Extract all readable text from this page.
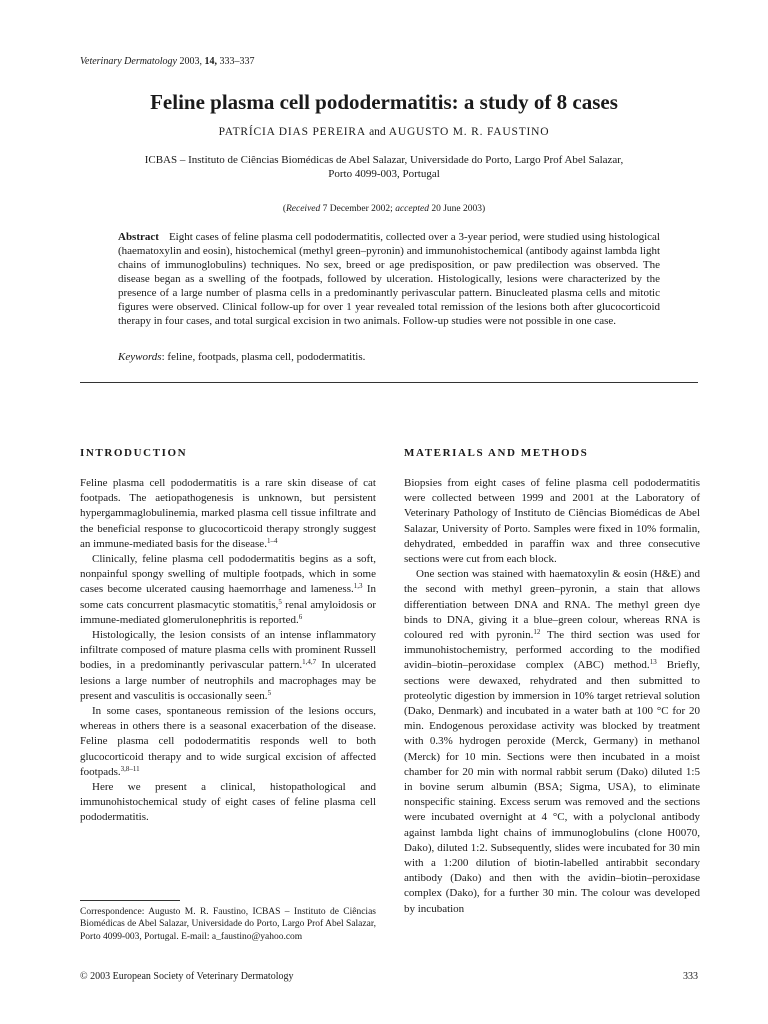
Veterinary Dermatology 2003, 14, 333–337
Feline plasma cell pododermatitis: a study of 8 cases
PATRÍCIA DIAS PEREIRA and AUGUSTO M. R. FAUSTINO
ICBAS – Instituto de Ciências Biomédicas de Abel Salazar, Universidade do Porto, Largo Prof Abel Salazar,
Porto 4099-003, Portugal
(Received 7 December 2002; accepted 20 June 2003)
Abstract Eight cases of feline plasma cell pododermatitis, collected over a 3-year period, were studied using histological (haematoxylin and eosin), histochemical (methyl green–pyronin) and immunohistochemical (antibody against lambda light chains of immunoglobulins) techniques. No sex, breed or age predisposition, or paw predilection was observed. The disease began as a swelling of the footpads, followed by ulceration. Histologically, lesions were characterized by the presence of a large number of plasma cells in a predominantly perivascular pattern. Binucleated plasma cells and mitotic figures were observed. Clinical follow-up for over 1 year revealed total remission of the lesions both after glucocorticoid therapy in four cases, and total surgical excision in two animals. Follow-up studies were not possible in one case.
Keywords: feline, footpads, plasma cell, pododermatitis.
INTRODUCTION

Feline plasma cell pododermatitis is a rare skin disease of cat footpads. The aetiopathogenesis is unknown, but persistent hypergammaglobulinemia, marked plasma cell tissue infiltrate and the beneficial response to glucocorticoid therapy strongly suggest an immune-mediated basis for the disease.$^{1-4}$

Clinically, feline plasma cell pododermatitis begins as a soft, nonpainful spongy swelling of multiple footpads, which in some cases become ulcerated causing haemorrhage and lameness.$^{1,3}$ In some cats concurrent plasmacytic stomatitis,$^5$ renal amyloidosis or immune-mediated glomerulonephritis is reported.$^6$

Histologically, the lesion consists of an intense inflammatory infiltrate composed of mature plasma cells with prominent Russell bodies, in a predominantly perivascular pattern.$^{1,4,7}$ In ulcerated lesions a large number of neutrophils and macrophages may be present and vasculitis is occasionally seen.$^5$

In some cases, spontaneous remission of the lesions occurs, whereas in others there is a seasonal exacerbation of the disease. Feline plasma cell pododermatitis responds well to both glucocorticoid therapy and to wide surgical excision of affected footpads.$^{3,8-11}$

Here we present a clinical, histopathological and immunohistochemical study of eight cases of feline plasma cell pododermatitis.

MATERIALS AND METHODS

Biopsies from eight cases of feline plasma cell pododermatitis were collected between 1999 and 2001 at the Laboratory of Veterinary Pathology of Instituto de Ciências Biomédicas de Abel Salazar, University of Porto. Samples were fixed in 10% formalin, dehydrated, embedded in paraffin wax and three consecutive sections were cut from each block.

One section was stained with haematoxylin & eosin (H&E) and the second with methyl green–pyronin, a stain that allows differentiation between DNA and RNA. The methyl green dye binds to DNA, giving it a blue–green colour, whereas RNA is coloured red with pyronin.$^{12}$ The third section was used for immunohistochemistry, performed according to the modified avidin–biotin–peroxidase complex (ABC) method.$^{13}$ Briefly, sections were dewaxed, rehydrated and then submitted to proteolytic digestion by immersion in 10% target retrieval solution (Dako, Denmark) and incubated in a water bath at 100 °C for 20 min. Endogenous peroxidase activity was blocked by treatment with 0.3% hydrogen peroxide (Merck, Germany) in methanol (Merck) for 10 min. Sections were then incubated in a moist chamber for 20 min with normal rabbit serum (Dako) diluted 1:5 in bovine serum albumin (BSA; Sigma, USA), to eliminate nonspecific staining. Excess serum was removed and the sections were incubated overnight at 4 °C, with a polyclonal antibody against lambda light chains of immunoglobulins (clone H0070, Dako), diluted 1:2. Subsequently, slides were incubated for 30 min with a 1:200 dilution of biotin-labelled antirabbit secondary antibody (Dako) and then with the avidin–biotin–peroxidase complex (Dako), for a further 30 min. The colour was developed by incubation

Correspondence: Augusto M. R. Faustino, ICBAS – Instituto de Ciências Biomédicas de Abel Salazar, Universidade do Porto, Largo Prof Abel Salazar, Porto 4099-003, Portugal. E-mail: a_faustino@yahoo.com
© 2003 European Society of Veterinary Dermatology	333
